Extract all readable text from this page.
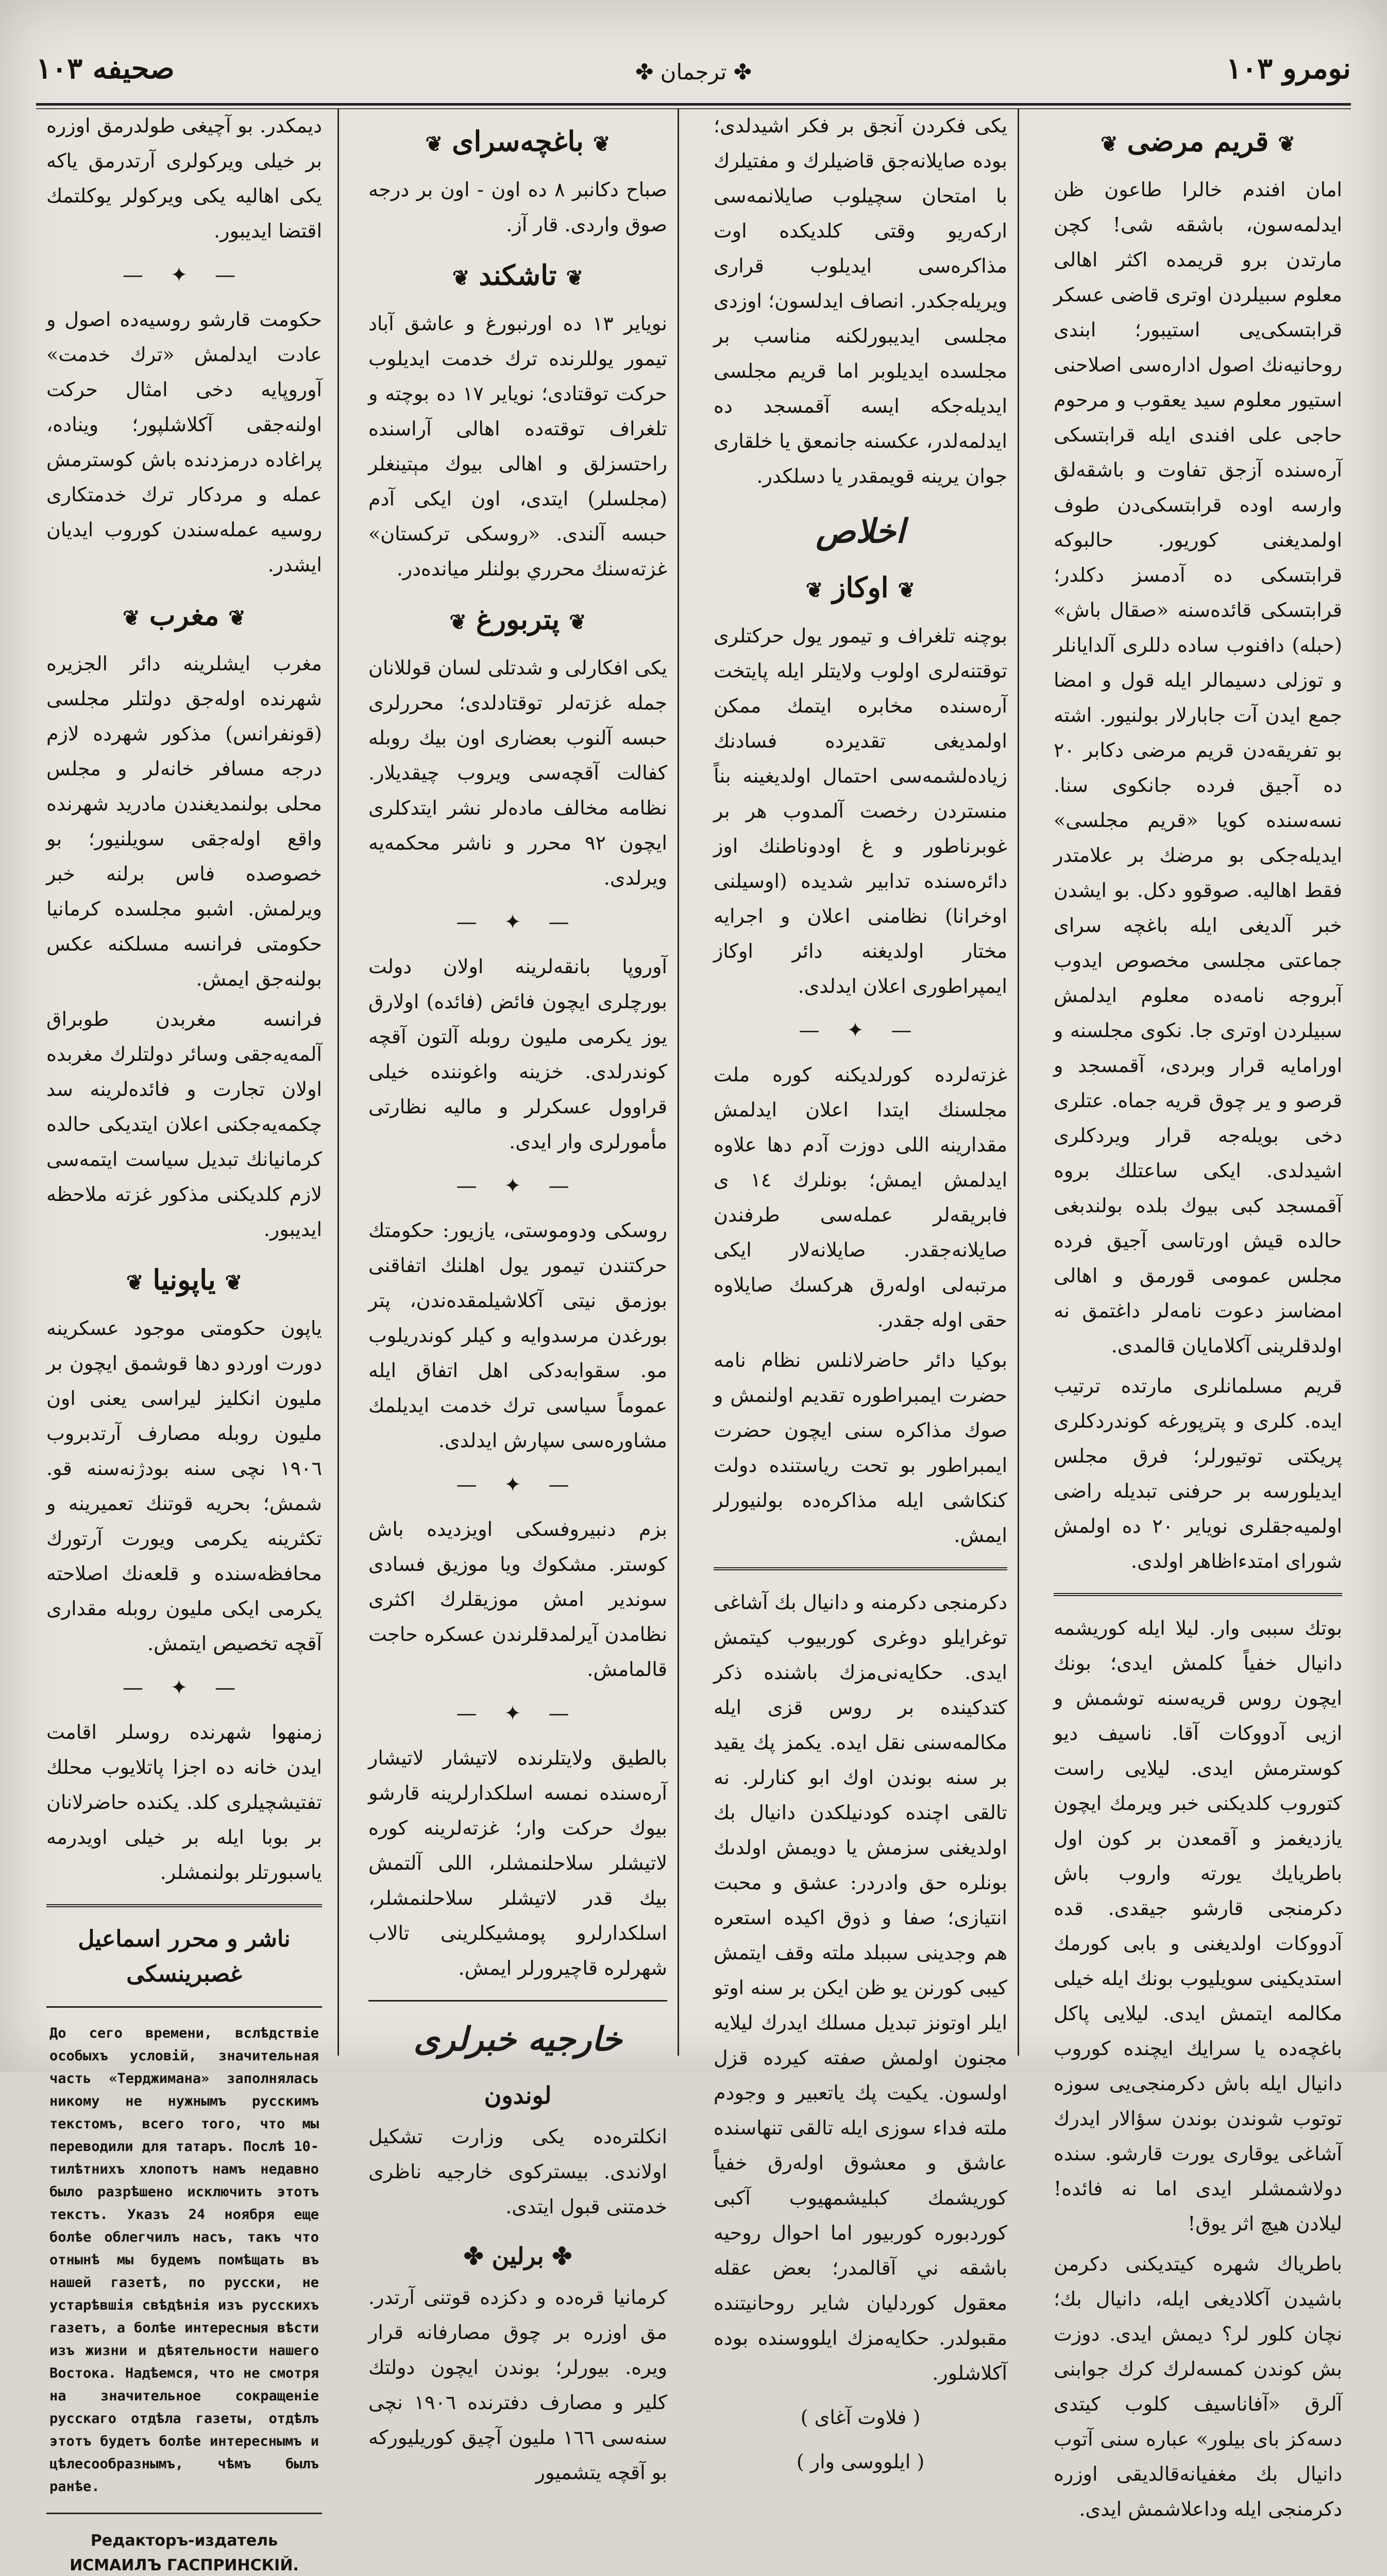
نومرو ١٠٣
✤ ترجمان ✤
صحيفه ١٠٣
❦قريم مرضى❦
امان افندم خالرا طاعون ظن ايدلمه‌سون، باشقه شى! كچن مارتدن برو قريمده اكثر اهالى معلوم سبيلردن اوترى قاضى عسكر قرابتسكى‌يى استيبور؛ ابندى روحانيه‌نك اصول ادارەسى اصلاحنى استيور معلوم سيد يعقوب و مرحوم حاجى على افندى ايله قرابتسكى آره‌سنده آزجق تفاوت و باشقه‌لق وارسه اوده قرابتسكى‌دن طوف اولمديغنى كوريور. حالبوكه قرابتسكى ده آدمسز دكلدر؛ قرابتسكى قائده‌سنه «صقال باش» (حبله) دافنوب ساده دللرى آلدايانلر و توزلى دسيمالر ايله قول و امضا جمع ايدن آت جابارلار بولنيور. اشته بو تفريقه‌دن قريم مرضى دكابر ٢٠ ده آجيق فرده جانكوى سنا. نسه‌سنده كويا «قريم مجلسى» ايديله‌جكى بو مرضك بر علامتدر فقط اهاليه. صوقوو دكل. بو ايشدن خبر آلديغى ايله باغچه سراى جماعتى مجلسى مخصوص ايدوب آبروجه نامه‌ده معلوم ايدلمش سبيلردن اوترى جا. نكوى مجلسنه و اورامايه قرار وبردى، آقمسجد و قرصو و ير چوق قريه جماه. عتلرى دخى بويله‌جه قرار ويردكلرى اشيدلدى. ايكى ساعتلك بروه آقمسجد كبى بيوك بلده بولندبغى حالده قيش اورتاسى آجيق فرده مجلس عمومى قورمق و اهالى امضاسز دعوت نامه‌لر داغتمق نه اولدقلرينى آكلامايان قالمدى.
قريم مسلمانلرى مارتده ترتيب ايده. كلرى و پترپورغه كوندردكلرى پريكتى توتيورلر؛ فرق مجلس ايديلورسه بر حرفنى تبديله راضى اولميه‌جقلرى نوياير ٢٠ ده اولمش شوراى امتدءاظاهر اولدى.
بوتك سببى وار. ليلا ايله كوريشمه دانيال خفياً كلمش ايدى؛ بونك ايچون روس قريه‌سنه توشمش و ازيى آدووكات آقا. ناسيف ديو كوسترمش ايدى. ليلايى راست كتوروب كلديكنى خبر ويرمك ايچون يازديغمز و آقمعدن بر كون اول باطريايك يورته واروب باش دكرمنجى قارشو جيقدى. قدە آدووكات اولديغنى و بابى كورمك استديكينى سويليوب بونك ايله خيلى مكالمه ايتمش ايدى. ليلايى پاكل باغچه‌ده يا سرايك ايچنده كوروب دانيال ايله باش دكرمنجى‌يى سوزه توتوب شوندن بوندن سؤالار ايدرك آشاغى يوقارى يورت قارشو. سنده دولاشمشلر ايدى اما نه فائده! ليلادن هيچ اثر يوق!
باطرياك شهره كيتديكنى دكرمن باشيدن آكلاديغى ايله، دانيال بك؛ نچان كلور لر؟ ديمش ايدى. دوزت بش كوندن كمسه‌لرك كرك جوابنى آلرق «آفاناسيف كلوب كيتدى دسه‌كز باى بيلور» عباره سنى آتوب دانيال بك مغفيانه‌قالديقى اوزره دكرمنجى ايله وداعلاشمش ايدى.
يكى فكردن آنجق بر فكر اشيدلدى؛ بوده صايلانه‌جق قاضيلرك و مفتيلرك با امتحان سچيلوب صايلانمه‌سى اركه‌ريو وقتى كلديكده اوت مذاكرەسى ايديلوب قرارى ويريله‌جكدر. انصاف ايدلسون؛ اوزدى مجلسى ايديبورلكنه مناسب بر مجلسده ايديلوبر اما قريم مجلسى ايديله‌جكه ايسه آقمسجد ده ايدلمه‌لدر، عكسنه جانمعق يا خلقارى جوان يرينه قويمقدر يا دسلكدر.
اخلاص
❦اوكاز❦
بوچنه تلغراف و تيمور يول حركتلرى توقتنه‌لرى اولوب ولايتلر ايله پايتخت آره‌سنده مخابره ايتمك ممكن اولمديغى تقديرده فسادنك زياده‌لشمه‌سى احتمال اولديغينه بناً منستردن رخصت آلمدوب هر بر غوبرناطور و غ اودوناطنك اوز دائرەسنده تدابير شديده (اوسيلنى اوخرانا) نظامنى اعلان و اجرايه مختار اولديغنه دائر اوكاز ايمپراطورى اعلان ايدلدى.
— ✦ —
غزته‌لرده كورلديكنه كوره ملت مجلسنك ايتدا اعلان ايدلمش مقدارينه اللى دوزت آدم دها علاوه ايدلمش ايمش؛ بونلرك ١٤ ى فابريقه‌لر عمله‌سى طرفندن صايلانه‌جقدر. صايلانەلار ايكى مرتبه‌لى اولەرق هركسك صايلاوه حقى اوله جقدر.
بوكيا دائر حاضرلانلس نظام نامه حضرت ايمبراطوره تقديم اولنمش و صوك مذاكره سنى ايچون حضرت ايمبراطور بو تحت رياستنده دولت كنكاشى ايله مذاكرەده بولنيورلر ايمش.
دكرمنجى دكرمنه و دانيال بك آشاغى توغرايلو دوغرى كوربيوب كيتمش ايدى. حكايه‌نى‌مزك باشنده ذكر كتدكينده بر روس قزى ايله مكالمه‌سنى نقل ايده. يكمز پك يقيد بر سنه بوندن اوك ابو كنارلر. نه تالقى اچنده كودنيلكدن دانيال بك اولديغنى سزمش يا دويمش اولدىك بونلره حق وادردر: عشق و محبت انتيازى؛ صفا و ذوق اكيده استعره هم وجدينى سببلد ملته وقف ايتمش كيبى كورنن يو ظن ايكن بر سنه اوتو ايلر اوتونز تبديل مسلك ايدرك ليلايه مجنون اولمش صفته كيرده قزل اولسون. يكيت پك ياتعبير و وجودم ملته فداء سوزى ايله تالقى تنهاسنده عاشق و معشوق اولەرق خفياً كوريشمك كبليشمهيوب آكبى كوردبوره كوربيور اما احوال روحيه باشقه ني آقالمدر؛ بعض عقله معقول كوردليان شاير روحانيتنده مقبولدر. حكايەمزك ايلووسنده بوده آكلاشلور.
( فلاوت آغاى )
( ايلووسى وار )
❦باغچه‌سراى❦
صباح دكانبر ٨ ده اون - اون بر درجه صوق واردى. قار آز.
❦تاشكند❦
نوياير ١٣ ده اورنبورغ و عاشق آباد تيمور يوللرنده ترك خدمت ايديلوب حركت توقتادى؛ نوياير ١٧ ده بوچته و تلغراف توقته‌ده اهالى آراسنده راحتسزلق و اهالى بيوك مېتينغلر (مجلسلر) ايتدى، اون ايكى آدم حبسه آلندى. «روسكى تركستان» غزته‌سنك محرري بولنلر ميانده‌در.
❦پتربورغ❦
يكى افكارلى و شدتلى لسان قوللانان جمله غزته‌لر توقتادلدى؛ محررلرى حبسه آلنوب بعضارى اون بيك روبله كفالت آقچه‌سى ويروب چيقديلار. نظامه مخالف مادەلر نشر ايتدكلرى ايچون ٩٢ محرر و ناشر محكمه‌يه ويرلدى.
— ✦ —
آوروپا بانقه‌لرينه اولان دولت بورچلرى ايچون فائض (فائده) اولارق يوز يكرمى مليون روبله آلتون آقچه كوندرلدى. خزينه واغوننده خيلى قراوول عسكرلر و ماليه نظارتى مأمورلرى وار ايدى.
— ✦ —
روسكى ودوموستى، يازيور: حكومتك حركتندن تيمور يول اهلنك اتفاقنى بوزمق نيتى آكلاشيلمقده‌ندن، پتر بورغدن مرسدوايه و كيلر كوندريلوب مو. سقوابه‌دكى اهل اتفاق ايله عموماً سياسى ترك خدمت ايديلمك مشاورەسى سپارش ايدلدى.
— ✦ —
بزم دنبيروفسكى اويزديده باش كوستر. مشكوك ويا موزيق فسادى سوندير امش موزيقلرك اكثرى نظامدن آيرلمدقلرندن عسكره حاجت قالمامش.
— ✦ —
بالطيق ولايتلرنده لاتيشار لاتيشار آره‌سنده نمسه اسلكدارلرينه قارشو بيوك حركت وار؛ غزته‌لرينه كوره لاتيشلر سلاحلنمشلر، اللى آلتمش بيك قدر لاتيشلر سلاحلنمشلر، اسلكدارلرو پومشيكلرينى تالاب شهرلره قاچيرورلر ايمش.
خارجيه خبرلرى
لوندون
انكلتره‌ده يكى وزارت تشكيل اولاندى. بيستركوى خارجيه ناظرى خدمتنى قبول ايتدى.
✤ برلين ✤
كرمانيا قرەده و دكزده قوتنى آرتدر. مق اوزره بر چوق مصارفانه قرار ويره. بيورلر؛ بوندن ايچون دولتك كلير و مصارف دفترنده ١٩٠٦ نچى سنه‌سى ١٦٦ مليون آچيق كوريليوركه بو آقچه يتشميور
ديمكدر. بو آچيغى طولدرمق اوزره بر خيلى ويركولرى آرتدرمق ياكه يكى اهاليه يكى ويركولر يوكلتمك اقتضا ايديبور.
— ✦ —
حكومت قارشو روسيه‌ده اصول و عادت ايدلمش «ترك خدمت» آوروپايه دخى امثال حركت اولنه‌جقى آكلاشلپور؛ وينادە، پراغاده درمزدنده باش كوسترمش عمله و مردكار ترك خدمتكارى روسيه عمله‌سندن كوروب ايديان ايشدر.
❦مغرب❦
مغرب ايشلرينه دائر الجزيره شهرنده اوله‌جق دولتلر مجلسى (قونفرانس) مذكور شهرده لازم درجه مسافر خانەلر و مجلس محلى بولنمديغندن مادريد شهرنده واقع اوله‌جقى سويلنيور؛ بو خصوصده فاس برلنه خبر ويرلمش. اشبو مجلسده كرمانيا حكومتى فرانسه مسلكنه عكس بولنه‌جق ايمش.
فرانسه مغربدن طوبراق آلمه‌يه‌جقى وسائر دولتلرك مغربده اولان تجارت و فائده‌لرينه سد چكمه‌يه‌جكنى اعلان ايتديكى حالده كرمانيانك تبديل سياست ايتمه‌سى لازم كلديكنى مذكور غزته ملاحظه ايديبور.
❦ياپونيا❦
ياپون حكومتى موجود عسكرينه دورت اوردو دها قوشمق ايچون بر مليون انكليز ليراسى يعنى اون مليون روبله مصارف آرتدبروب ١٩٠٦ نچى سنه بودژنه‌سنه قو. شمش؛ بحريه قوتنك تعميرينه و تكثرينه يكرمى ويورت آرتورك محافظه‌سنده و قلعه‌نك اصلاحته يكرمى ايكى مليون روبله مقدارى آقچه تخصيص ايتمش.
— ✦ —
زمنهوا شهرنده روسلر اقامت ايدن خانه ده اجزا پاتلايوب محلك تفتيشچيلرى كلد. يكنده حاضرلانان بر بوبا ايله بر خيلى اويدرمه ياسبورتلر بولنمشلر.
ناشر و محرر اسماعيل غصبرينسكى
До сего времени, вслѣдствіе особыхъ условій, значительная часть «Терджимана» заполнялась никому не нужнымъ русскимъ текстомъ, всего того, что мы переводили для татаръ. Послѣ 10-тилѣтнихъ хлопотъ намъ недавно было разрѣшено исключить этотъ текстъ. Указъ 24 ноября еще болѣе облегчилъ насъ, такъ что отнынѣ мы будемъ помѣщать въ нашей газетѣ, по русски, не устарѣвшія свѣдѣнія изъ русскихъ газетъ, а болѣе интересныя вѣсти изъ жизни и дѣятельности нашего Востока. Надѣемся, что не смотря на значительное сокращеніе русскаго отдѣла газеты, отдѣлъ этотъ будетъ болѣе интереснымъ и цѣлесообразнымъ, чѣмъ былъ ранѣе.
Редакторъ-издатель ИСМАИЛЪ ГАСПРИНСКІЙ.
